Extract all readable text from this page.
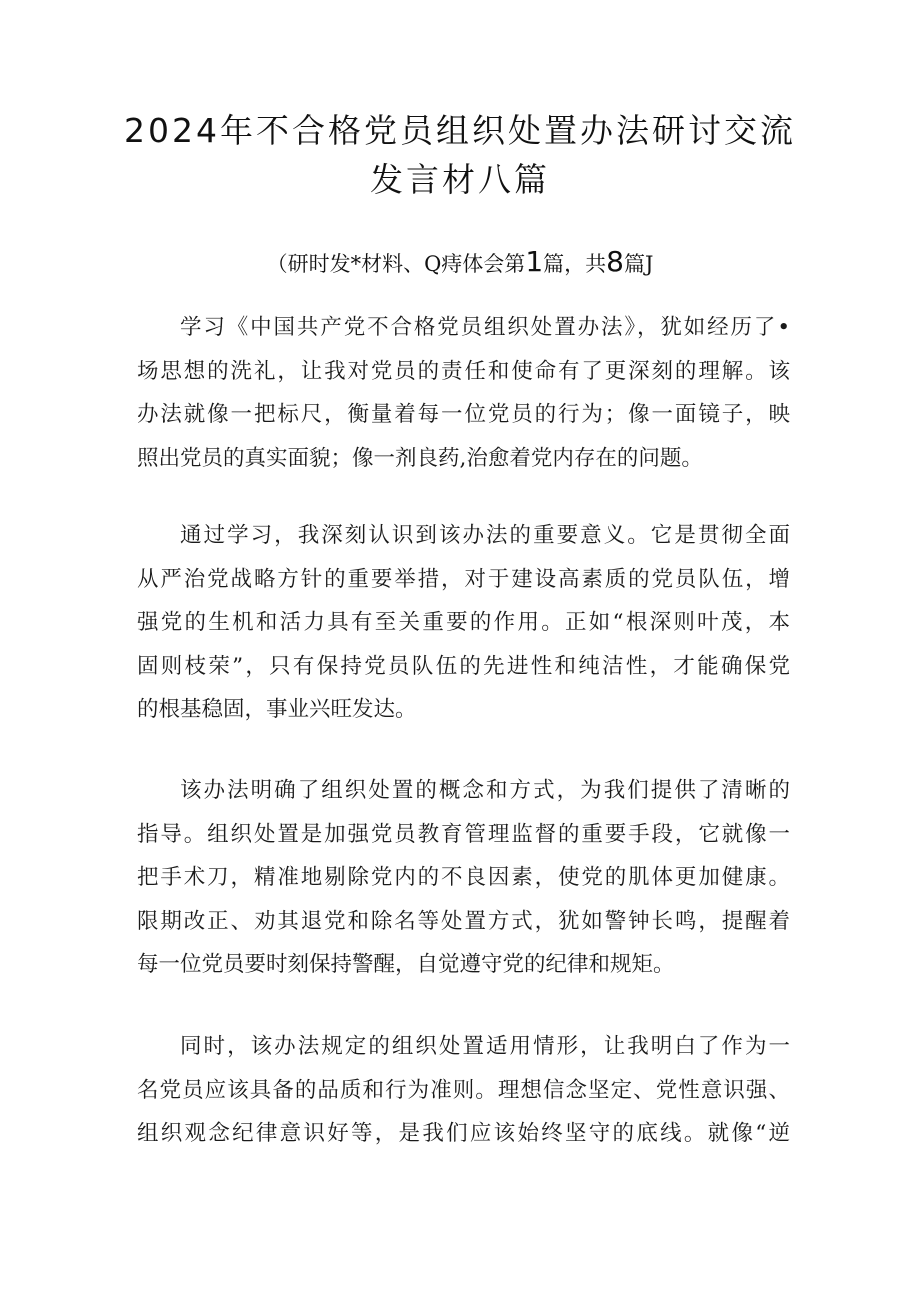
2024年不合格党员组织处置办法研讨交流
发言材八篇
（研时发*材料、Q痔体会第1篇，共8篇J
学习《中国共产党不合格党员组织处置办法》，犹如经历了•
场思想的洗礼，让我对党员的责任和使命有了更深刻的理解。该
办法就像一把标尺，衡量着每一位党员的行为；像一面镜子，映
照出党员的真实面貌；像一剂良药,治愈着党内存在的问题。
通过学习，我深刻认识到该办法的重要意义。它是贯彻全面
从严治党战略方针的重要举措，对于建设高素质的党员队伍，增
强党的生机和活力具有至关重要的作用。正如“根深则叶茂，本
固则枝荣”，只有保持党员队伍的先进性和纯洁性，才能确保党
的根基稳固，事业兴旺发达。
该办法明确了组织处置的概念和方式，为我们提供了清晰的
指导。组织处置是加强党员教育管理监督的重要手段，它就像一
把手术刀，精准地剔除党内的不良因素，使党的肌体更加健康。
限期改正、劝其退党和除名等处置方式，犹如警钟长鸣，提醒着
每一位党员要时刻保持警醒，自觉遵守党的纪律和规矩。
同时，该办法规定的组织处置适用情形，让我明白了作为一
名党员应该具备的品质和行为准则。理想信念坚定、党性意识强、
组织观念纪律意识好等，是我们应该始终坚守的底线。就像“逆
